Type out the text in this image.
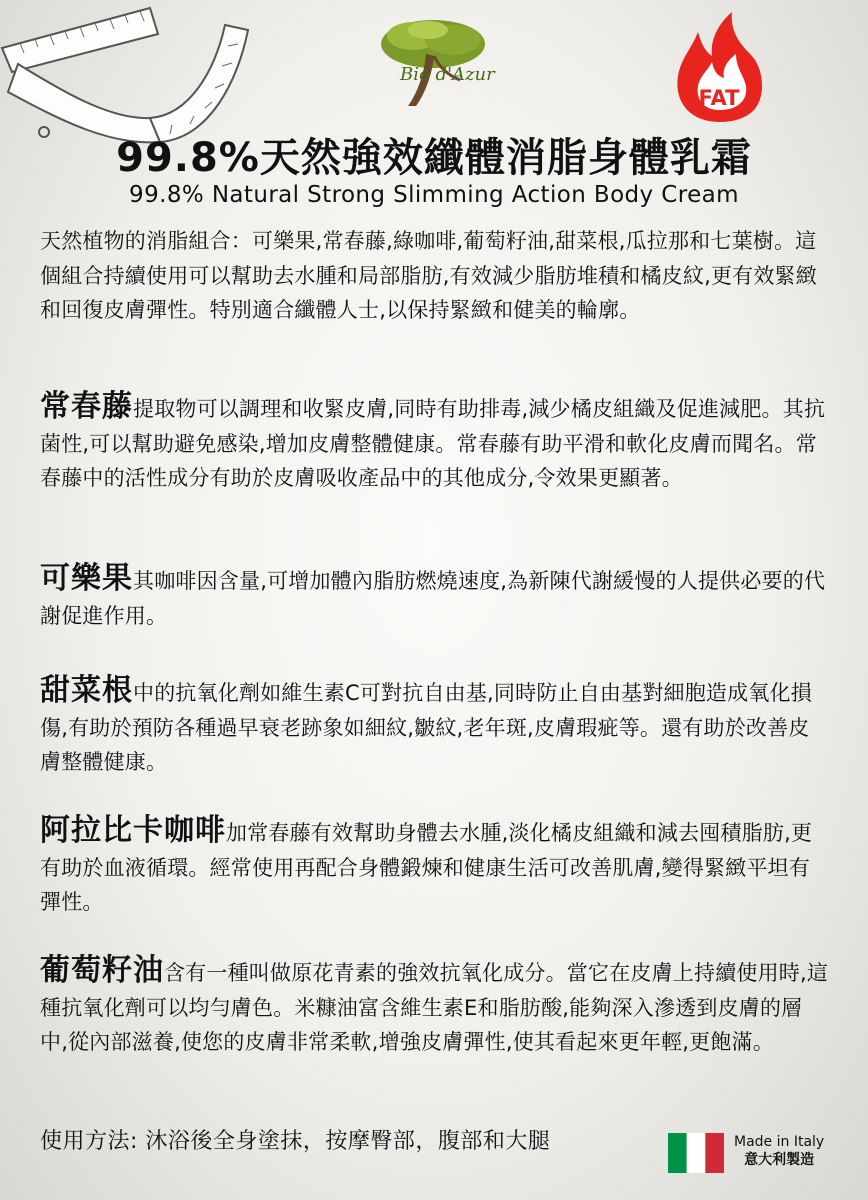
Bio d'Azur
FAT
99.8%天然強效纖體消脂身體乳霜
99.8% Natural Strong Slimming Action Body Cream

天然植物的消脂組合：可樂果,常春藤,綠咖啡,葡萄籽油,甜菜根,瓜拉那和七葉樹。這個組合持續使用可以幫助去水腫和局部脂肪,有效減少脂肪堆積和橘皮紋,更有效緊緻和回復皮膚彈性。特別適合纖體人士,以保持緊緻和健美的輪廓。

常春藤提取物可以調理和收緊皮膚,同時有助排毒,減少橘皮組織及促進減肥。其抗菌性,可以幫助避免感染,增加皮膚整體健康。常春藤有助平滑和軟化皮膚而聞名。常春藤中的活性成分有助於皮膚吸收產品中的其他成分,令效果更顯著。

可樂果其咖啡因含量,可增加體內脂肪燃燒速度,為新陳代謝緩慢的人提供必要的代謝促進作用。

甜菜根中的抗氧化劑如維生素C可對抗自由基,同時防止自由基對細胞造成氧化損傷,有助於預防各種過早衰老跡象如細紋,皺紋,老年斑,皮膚瑕疵等。還有助於改善皮膚整體健康。

阿拉比卡咖啡加常春藤有效幫助身體去水腫,淡化橘皮組織和減去囤積脂肪,更有助於血液循環。經常使用再配合身體鍛煉和健康生活可改善肌膚,變得緊緻平坦有彈性。

葡萄籽油含有一種叫做原花青素的強效抗氧化成分。當它在皮膚上持續使用時,這種抗氧化劑可以均勻膚色。米糠油富含維生素E和脂肪酸,能夠深入滲透到皮膚的層中,從內部滋養,使您的皮膚非常柔軟,增強皮膚彈性,使其看起來更年輕,更飽滿。

使用方法: 沐浴後全身塗抹，按摩臀部，腹部和大腿	Made in Italy
意大利製造
